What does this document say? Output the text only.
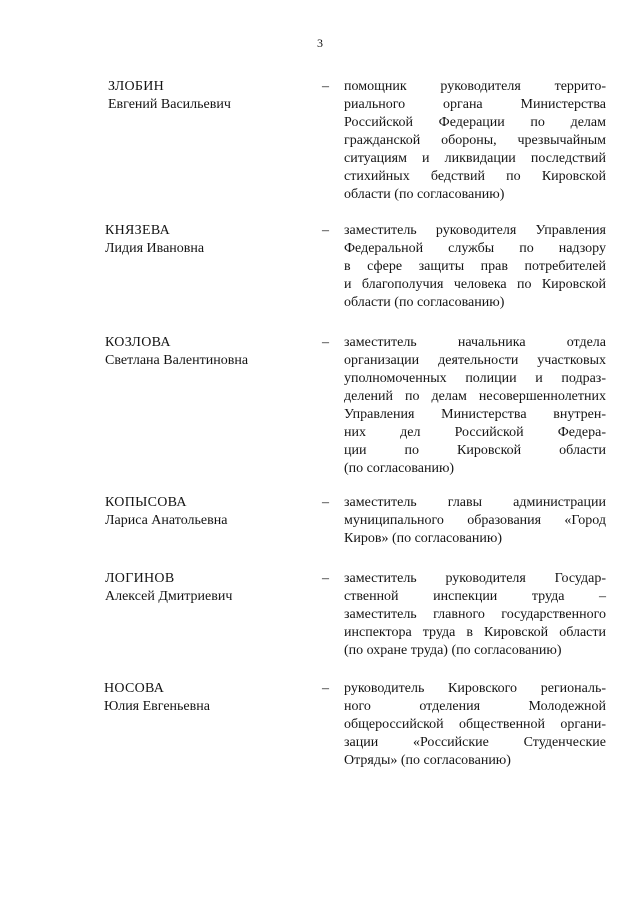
3
ЗЛОБИН
Евгений Васильевич
– помощник руководителя террито-
риального органа Министерства
Российской Федерации по делам
гражданской обороны, чрезвычайным
ситуациям и ликвидации последствий
стихийных бедствий по Кировской
области (по согласованию)
КНЯЗЕВА
Лидия Ивановна
– заместитель руководителя Управления
Федеральной службы по надзору
в сфере защиты прав потребителей
и благополучия человека по Кировской
области (по согласованию)
КОЗЛОВА
Светлана Валентиновна
– заместитель начальника отдела
организации деятельности участковых
уполномоченных полиции и подраз-
делений по делам несовершеннолетних
Управления Министерства внутрен-
них дел Российской Федера-
ции по Кировской области
(по согласованию)
КОПЫСОВА
Лариса Анатольевна
– заместитель главы администрации
муниципального образования «Город
Киров» (по согласованию)
ЛОГИНОВ
Алексей Дмитриевич
– заместитель руководителя Государ-
ственной инспекции труда –
заместитель главного государственного
инспектора труда в Кировской области
(по охране труда) (по согласованию)
НОСОВА
Юлия Евгеньевна
– руководитель Кировского региональ-
ного отделения Молодежной
общероссийской общественной органи-
зации «Российские Студенческие
Отряды» (по согласованию)
